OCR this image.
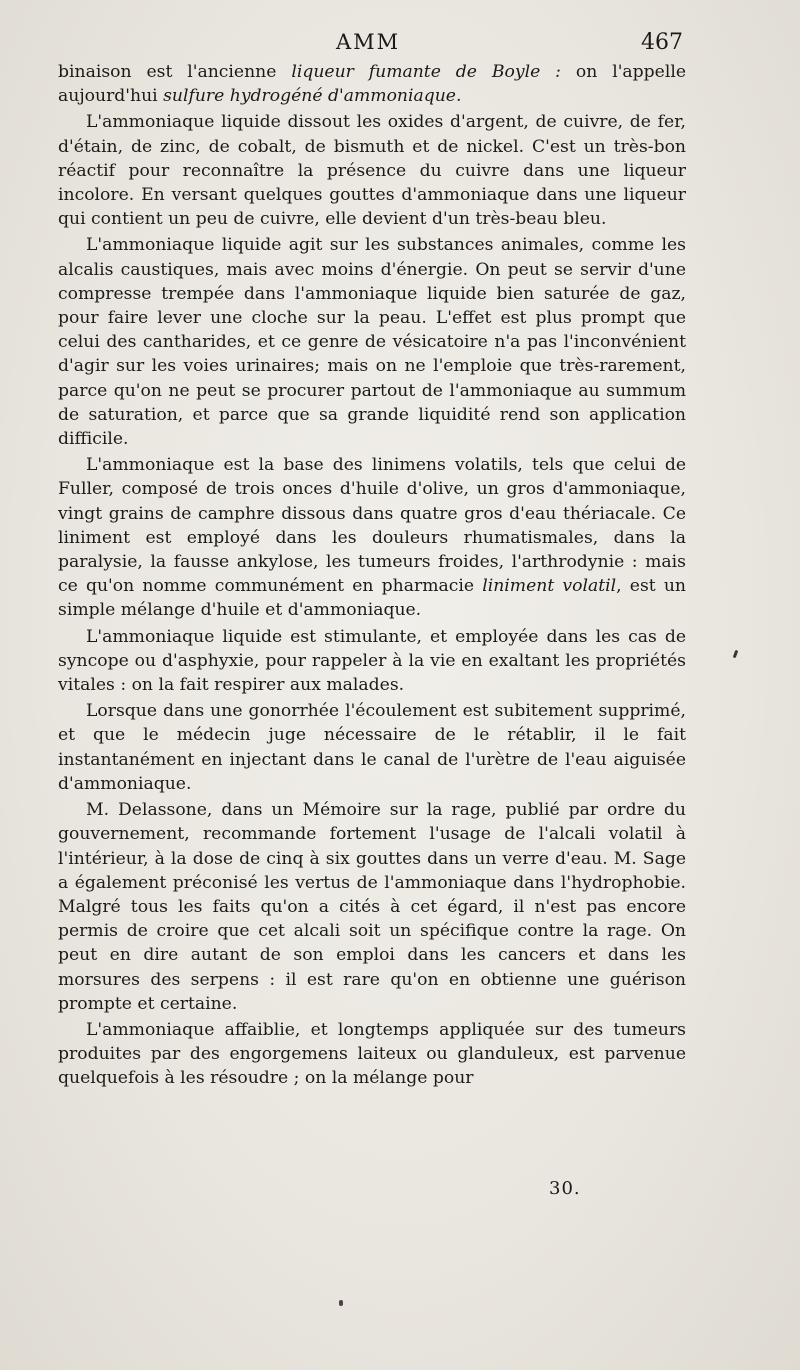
AMM	467

binaison est l'ancienne liqueur fumante de Boyle : on l'appelle aujourd'hui sulfure hydrogéné d'ammoniaque.

L'ammoniaque liquide dissout les oxides d'argent, de cuivre, de fer, d'étain, de zinc, de cobalt, de bismuth et de nickel. C'est un très-bon réactif pour reconnaître la présence du cuivre dans une liqueur incolore. En versant quelques gouttes d'ammoniaque dans une liqueur qui contient un peu de cuivre, elle devient d'un très-beau bleu.

L'ammoniaque liquide agit sur les substances animales, comme les alcalis caustiques, mais avec moins d'énergie. On peut se servir d'une compresse trempée dans l'ammoniaque liquide bien saturée de gaz, pour faire lever une cloche sur la peau. L'effet est plus prompt que celui des cantharides, et ce genre de vésicatoire n'a pas l'inconvénient d'agir sur les voies urinaires; mais on ne l'emploie que très-rarement, parce qu'on ne peut se procurer partout de l'ammoniaque au summum de saturation, et parce que sa grande liquidité rend son application difficile.

L'ammoniaque est la base des linimens volatils, tels que celui de Fuller, composé de trois onces d'huile d'olive, un gros d'ammoniaque, vingt grains de camphre dissous dans quatre gros d'eau thériacale. Ce liniment est employé dans les douleurs rhumatismales, dans la paralysie, la fausse ankylose, les tumeurs froides, l'arthrodynie : mais ce qu'on nomme communément en pharmacie liniment volatil, est un simple mélange d'huile et d'ammoniaque.

L'ammoniaque liquide est stimulante, et employée dans les cas de syncope ou d'asphyxie, pour rappeler à la vie en exaltant les propriétés vitales : on la fait respirer aux malades.

Lorsque dans une gonorrhée l'écoulement est subitement supprimé, et que le médecin juge nécessaire de le rétablir, il le fait instantanément en injectant dans le canal de l'urètre de l'eau aiguisée d'ammoniaque.

M. Delassone, dans un Mémoire sur la rage, publié par ordre du gouvernement, recommande fortement l'usage de l'alcali volatil à l'intérieur, à la dose de cinq à six gouttes dans un verre d'eau. M. Sage a également préconisé les vertus de l'ammoniaque dans l'hydrophobie. Malgré tous les faits qu'on a cités à cet égard, il n'est pas encore permis de croire que cet alcali soit un spécifique contre la rage. On peut en dire autant de son emploi dans les cancers et dans les morsures des serpens : il est rare qu'on en obtienne une guérison prompte et certaine.

L'ammoniaque affaiblie, et longtemps appliquée sur des tumeurs produites par des engorgemens laiteux ou glanduleux, est parvenue quelquefois à les résoudre ; on la mélange pour

30.
